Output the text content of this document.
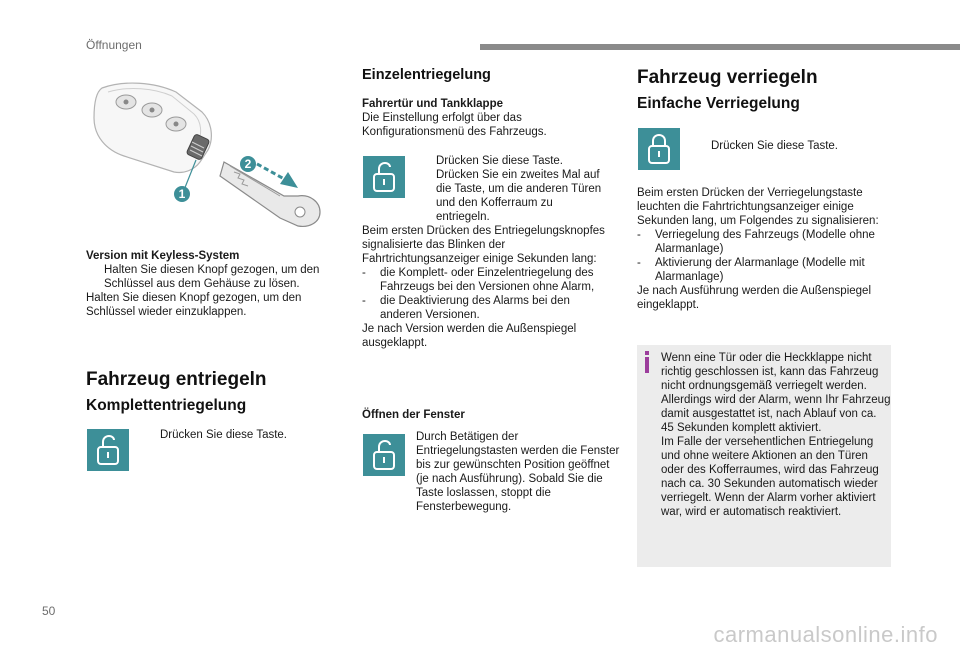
Öffnungen
1
2
Version mit Keyless-System
Halten Sie diesen Knopf gezogen, um den Schlüssel aus dem Gehäuse zu lösen.
Halten Sie diesen Knopf gezogen, um den Schlüssel wieder einzuklappen.
Fahrzeug entriegeln
Komplettentriegelung
Drücken Sie diese Taste.
Einzelentriegelung
Fahrertür und Tankklappe
Die Einstellung erfolgt über das Konfigurationsmenü des Fahrzeugs.
Drücken Sie diese Taste.
Drücken Sie ein zweites Mal auf die Taste, um die anderen Türen und den Kofferraum zu entriegeln.
Beim ersten Drücken des Entriegelungsknopfes signalisierte das Blinken der Fahrtrichtungsanzeiger einige Sekunden lang:
- die Komplett- oder Einzelentriegelung des Fahrzeugs bei den Versionen ohne Alarm,
- die Deaktivierung des Alarms bei den anderen Versionen.
Je nach Version werden die Außenspiegel ausgeklappt.
Öffnen der Fenster
Durch Betätigen der Entriegelungstasten werden die Fenster bis zur gewünschten Position geöffnet (je nach Ausführung). Sobald Sie die Taste loslassen, stoppt die Fensterbewegung.
Fahrzeug verriegeln
Einfache Verriegelung
Drücken Sie diese Taste.
Beim ersten Drücken der Verriegelungstaste leuchten die Fahrtrichtungsanzeiger einige Sekunden lang, um Folgendes zu signalisieren:
- Verriegelung des Fahrzeugs (Modelle ohne Alarmanlage)
- Aktivierung der Alarmanlage (Modelle mit Alarmanlage)
Je nach Ausführung werden die Außenspiegel eingeklappt.
Wenn eine Tür oder die Heckklappe nicht richtig geschlossen ist, kann das Fahrzeug nicht ordnungsgemäß verriegelt werden. Allerdings wird der Alarm, wenn Ihr Fahrzeug damit ausgestattet ist, nach Ablauf von ca. 45 Sekunden komplett aktiviert.
Im Falle der versehentlichen Entriegelung und ohne weitere Aktionen an den Türen oder des Kofferraumes, wird das Fahrzeug nach ca. 30 Sekunden automatisch wieder verriegelt. Wenn der Alarm vorher aktiviert war, wird er automatisch reaktiviert.
50
carmanualsonline.info
